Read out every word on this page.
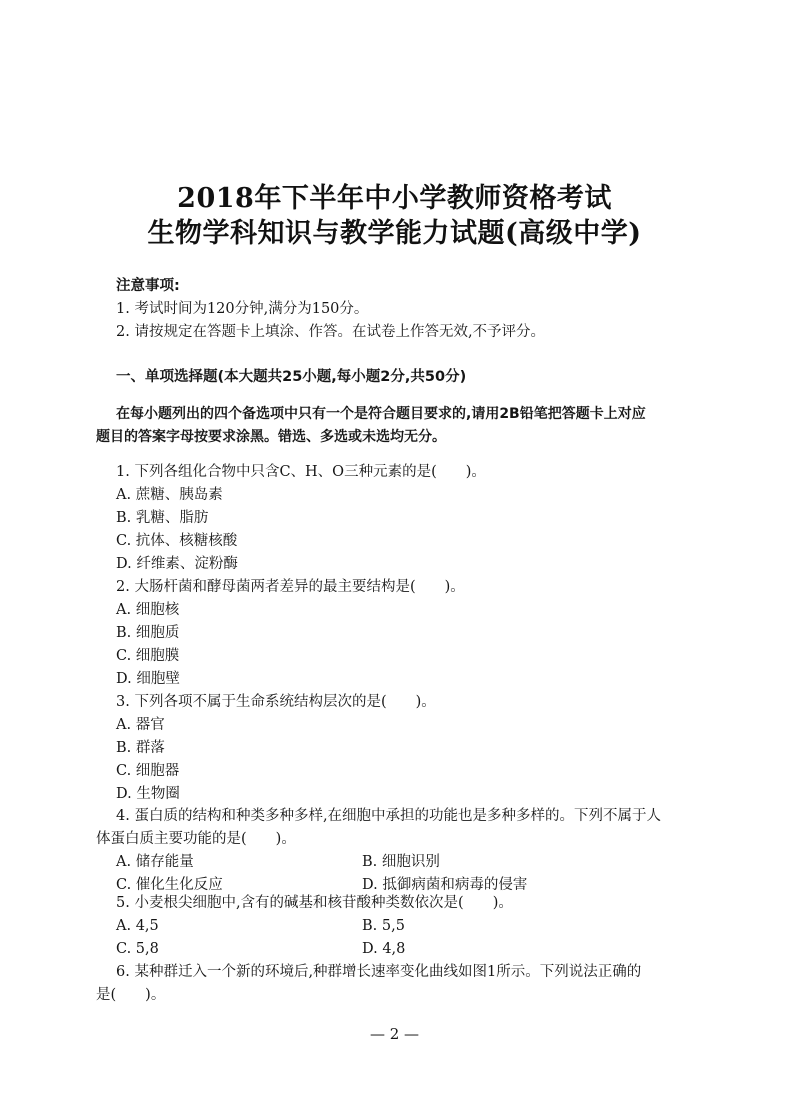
2018年下半年中小学教师资格考试
生物学科知识与教学能力试题(高级中学)
注意事项:
1. 考试时间为120分钟,满分为150分。
2. 请按规定在答题卡上填涂、作答。在试卷上作答无效,不予评分。
一、单项选择题(本大题共25小题,每小题2分,共50分)
在每小题列出的四个备选项中只有一个是符合题目要求的,请用2B铅笔把答题卡上对应
题目的答案字母按要求涂黑。错选、多选或未选均无分。
1. 下列各组化合物中只含C、H、O三种元素的是(　　)。
A. 蔗糖、胰岛素
B. 乳糖、脂肪
C. 抗体、核糖核酸
D. 纤维素、淀粉酶
2. 大肠杆菌和酵母菌两者差异的最主要结构是(　　)。
A. 细胞核
B. 细胞质
C. 细胞膜
D. 细胞壁
3. 下列各项不属于生命系统结构层次的是(　　)。
A. 器官
B. 群落
C. 细胞器
D. 生物圈
4. 蛋白质的结构和种类多种多样,在细胞中承担的功能也是多种多样的。下列不属于人
体蛋白质主要功能的是(　　)。
A. 储存能量	B. 细胞识别
C. 催化生化反应	D. 抵御病菌和病毒的侵害
5. 小麦根尖细胞中,含有的碱基和核苷酸种类数依次是(　　)。
A. 4,5	B. 5,5
C. 5,8	D. 4,8
6. 某种群迁入一个新的环境后,种群增长速率变化曲线如图1所示。下列说法正确的
是(　　)。
— 2 —
